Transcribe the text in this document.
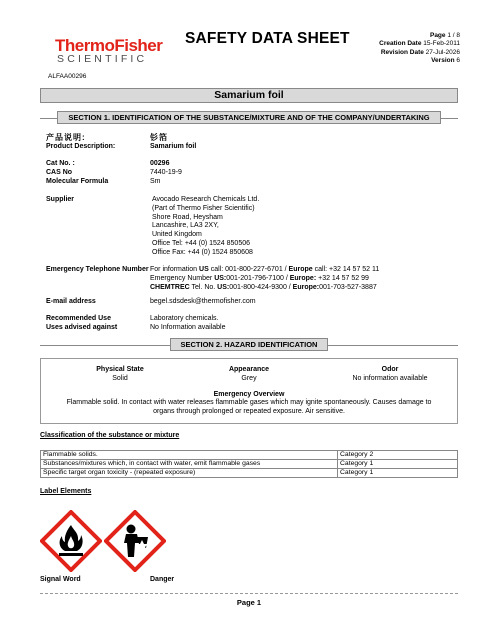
ThermoFisher
SCIENTIFIC
SAFETY DATA SHEET	Page 1 / 8
Creation Date 15-Feb-2011
Revision Date 27-Jul-2026
Version 6
ALFAA00296
Samarium foil
SECTION 1. IDENTIFICATION OF THE SUBSTANCE/MIXTURE AND OF THE COMPANY/UNDERTAKING
产品说明:	钐箔
Product Description:	Samarium foil
Cat No. :	00296
CAS No	7440-19-9
Molecular Formula	Sm
Supplier	Avocado Research Chemicals Ltd.
(Part of Thermo Fisher Scientific)
Shore Road, Heysham
Lancashire, LA3 2XY,
United Kingdom
Office Tel: +44 (0) 1524 850506
Office Fax: +44 (0) 1524 850608
Emergency Telephone Number For information US call: 001-800-227-6701 / Europe call: +32 14 57 52 11
Emergency Number US:001-201-796-7100 / Europe: +32 14 57 52 99
CHEMTREC Tel. No. US:001-800-424-9300 / Europe:001-703-527-3887
E-mail address	begel.sdsdesk@thermofisher.com
Recommended Use	Laboratory chemicals.
Uses advised against	No Information available
SECTION 2. HAZARD IDENTIFICATION
Physical State
Solid
Appearance
Grey
Odor
No information available
Emergency Overview
Flammable solid. In contact with water releases flammable gases which may ignite spontaneously. Causes damage to organs through prolonged or repeated exposure. Air sensitive.
Classification of the substance or mixture
Flammable solids.	Category 2
Substances/mixtures which, in contact with water, emit flammable gases	Category 1
Specific target organ toxicity - (repeated exposure)	Category 1
Label Elements
Signal Word	Danger
Page 1
